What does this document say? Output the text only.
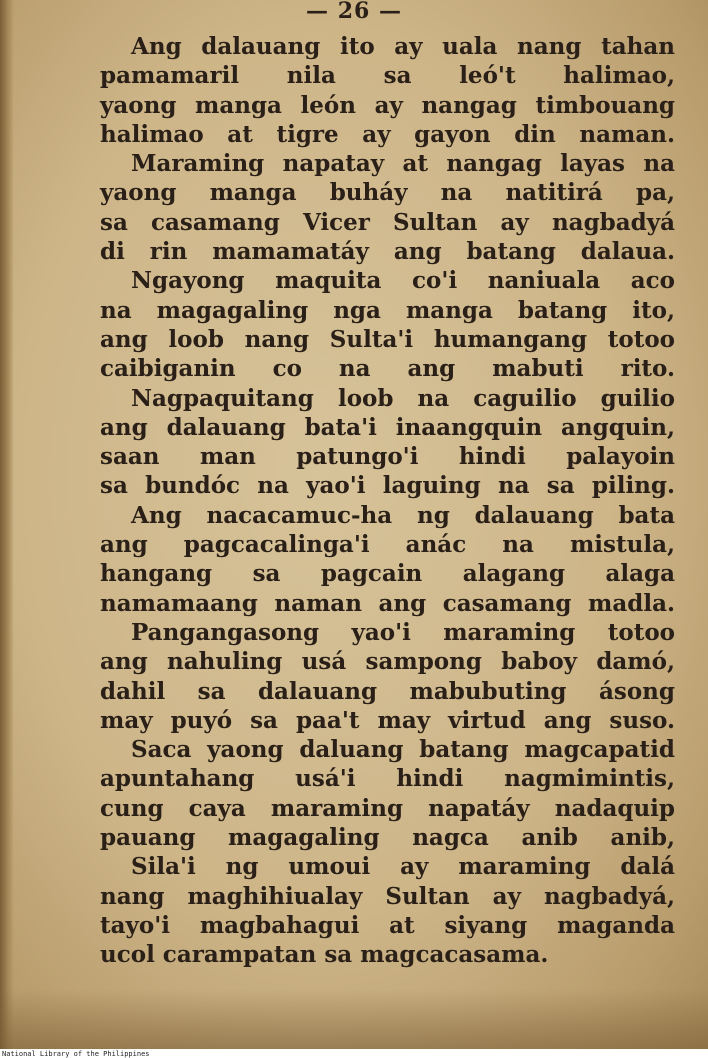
— 26 —
Ang dalauang ito ay uala nang tahan
pamamaril nila sa leó't halimao,
yaong manga león ay nangag timbouang
halimao at tigre ay gayon din naman.
Maraming napatay at nangag layas na
yaong manga buháy na natitirá pa,
sa casamang Vicer Sultan ay nagbadyá
di rin mamamatáy ang batang dalaua.
Ngayong maquita co'i naniuala aco
na magagaling nga manga batang ito,
ang loob nang Sulta'i humangang totoo
caibiganin co na ang mabuti rito.
Nagpaquitang loob na caguilio guilio
ang dalauang bata'i inaangquin angquin,
saan man patungo'i hindi palayoin
sa bundóc na yao'i laguing na sa piling.
Ang nacacamuc-ha ng dalauang bata
ang pagcacalinga'i anác na mistula,
hangang sa pagcain alagang alaga
namamaang naman ang casamang madla.
Pangangasong yao'i maraming totoo
ang nahuling usá sampong baboy damó,
dahil sa dalauang mabubuting ásong
may puyó sa paa't may virtud ang suso.
Saca yaong daluang batang magcapatid
apuntahang usá'i hindi nagmimintis,
cung caya maraming napatáy nadaquip
pauang magagaling nagca anib anib,
Sila'i ng umoui ay maraming dalá
nang maghihiualay Sultan ay nagbadyá,
tayo'i magbahagui at siyang maganda
ucol carampatan sa magcacasama.
National Library of the Philippines
